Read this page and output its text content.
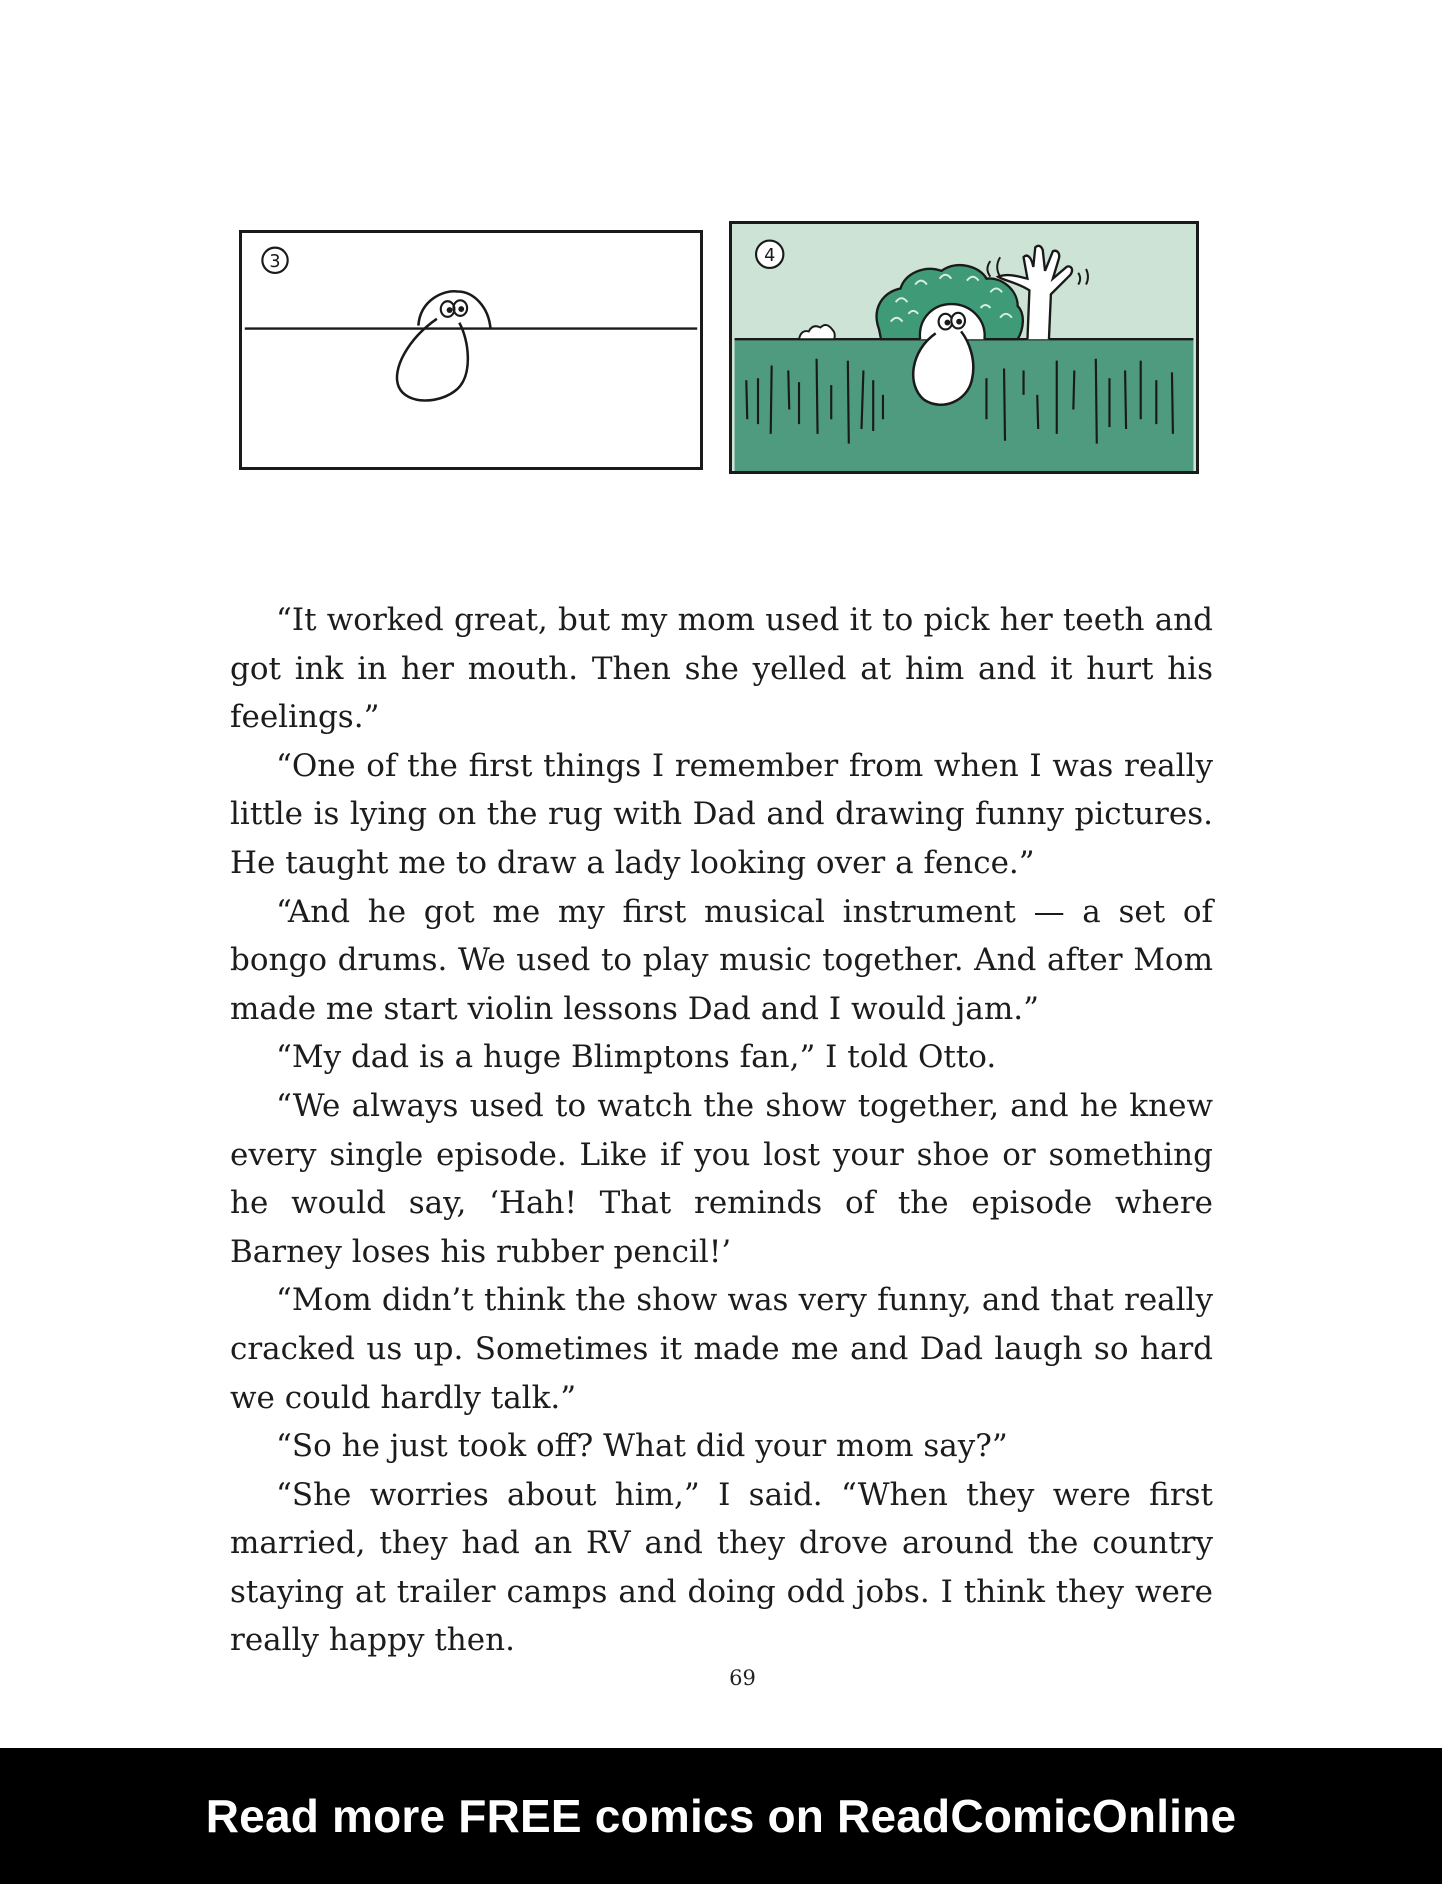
3	4

“It worked great, but my mom used it to pick her teeth and got ink in her mouth. Then she yelled at him and it hurt his feelings.”

“One of the first things I remember from when I was really little is lying on the rug with Dad and drawing funny pictures. He taught me to draw a lady looking over a fence.”

“And he got me my first musical instrument — a set of bongo drums. We used to play music together. And after Mom made me start violin lessons Dad and I would jam.”

“My dad is a huge Blimptons fan,” I told Otto.

“We always used to watch the show together, and he knew every single episode. Like if you lost your shoe or something he would say, ‘Hah! That reminds of the episode where Barney loses his rubber pencil!’

“Mom didn’t think the show was very funny, and that really cracked us up. Sometimes it made me and Dad laugh so hard we could hardly talk.”

“So he just took off? What did your mom say?”

“She worries about him,” I said. “When they were first married, they had an RV and they drove around the country staying at trailer camps and doing odd jobs. I think they were really happy then.

69
Read more FREE comics on ReadComicOnline
